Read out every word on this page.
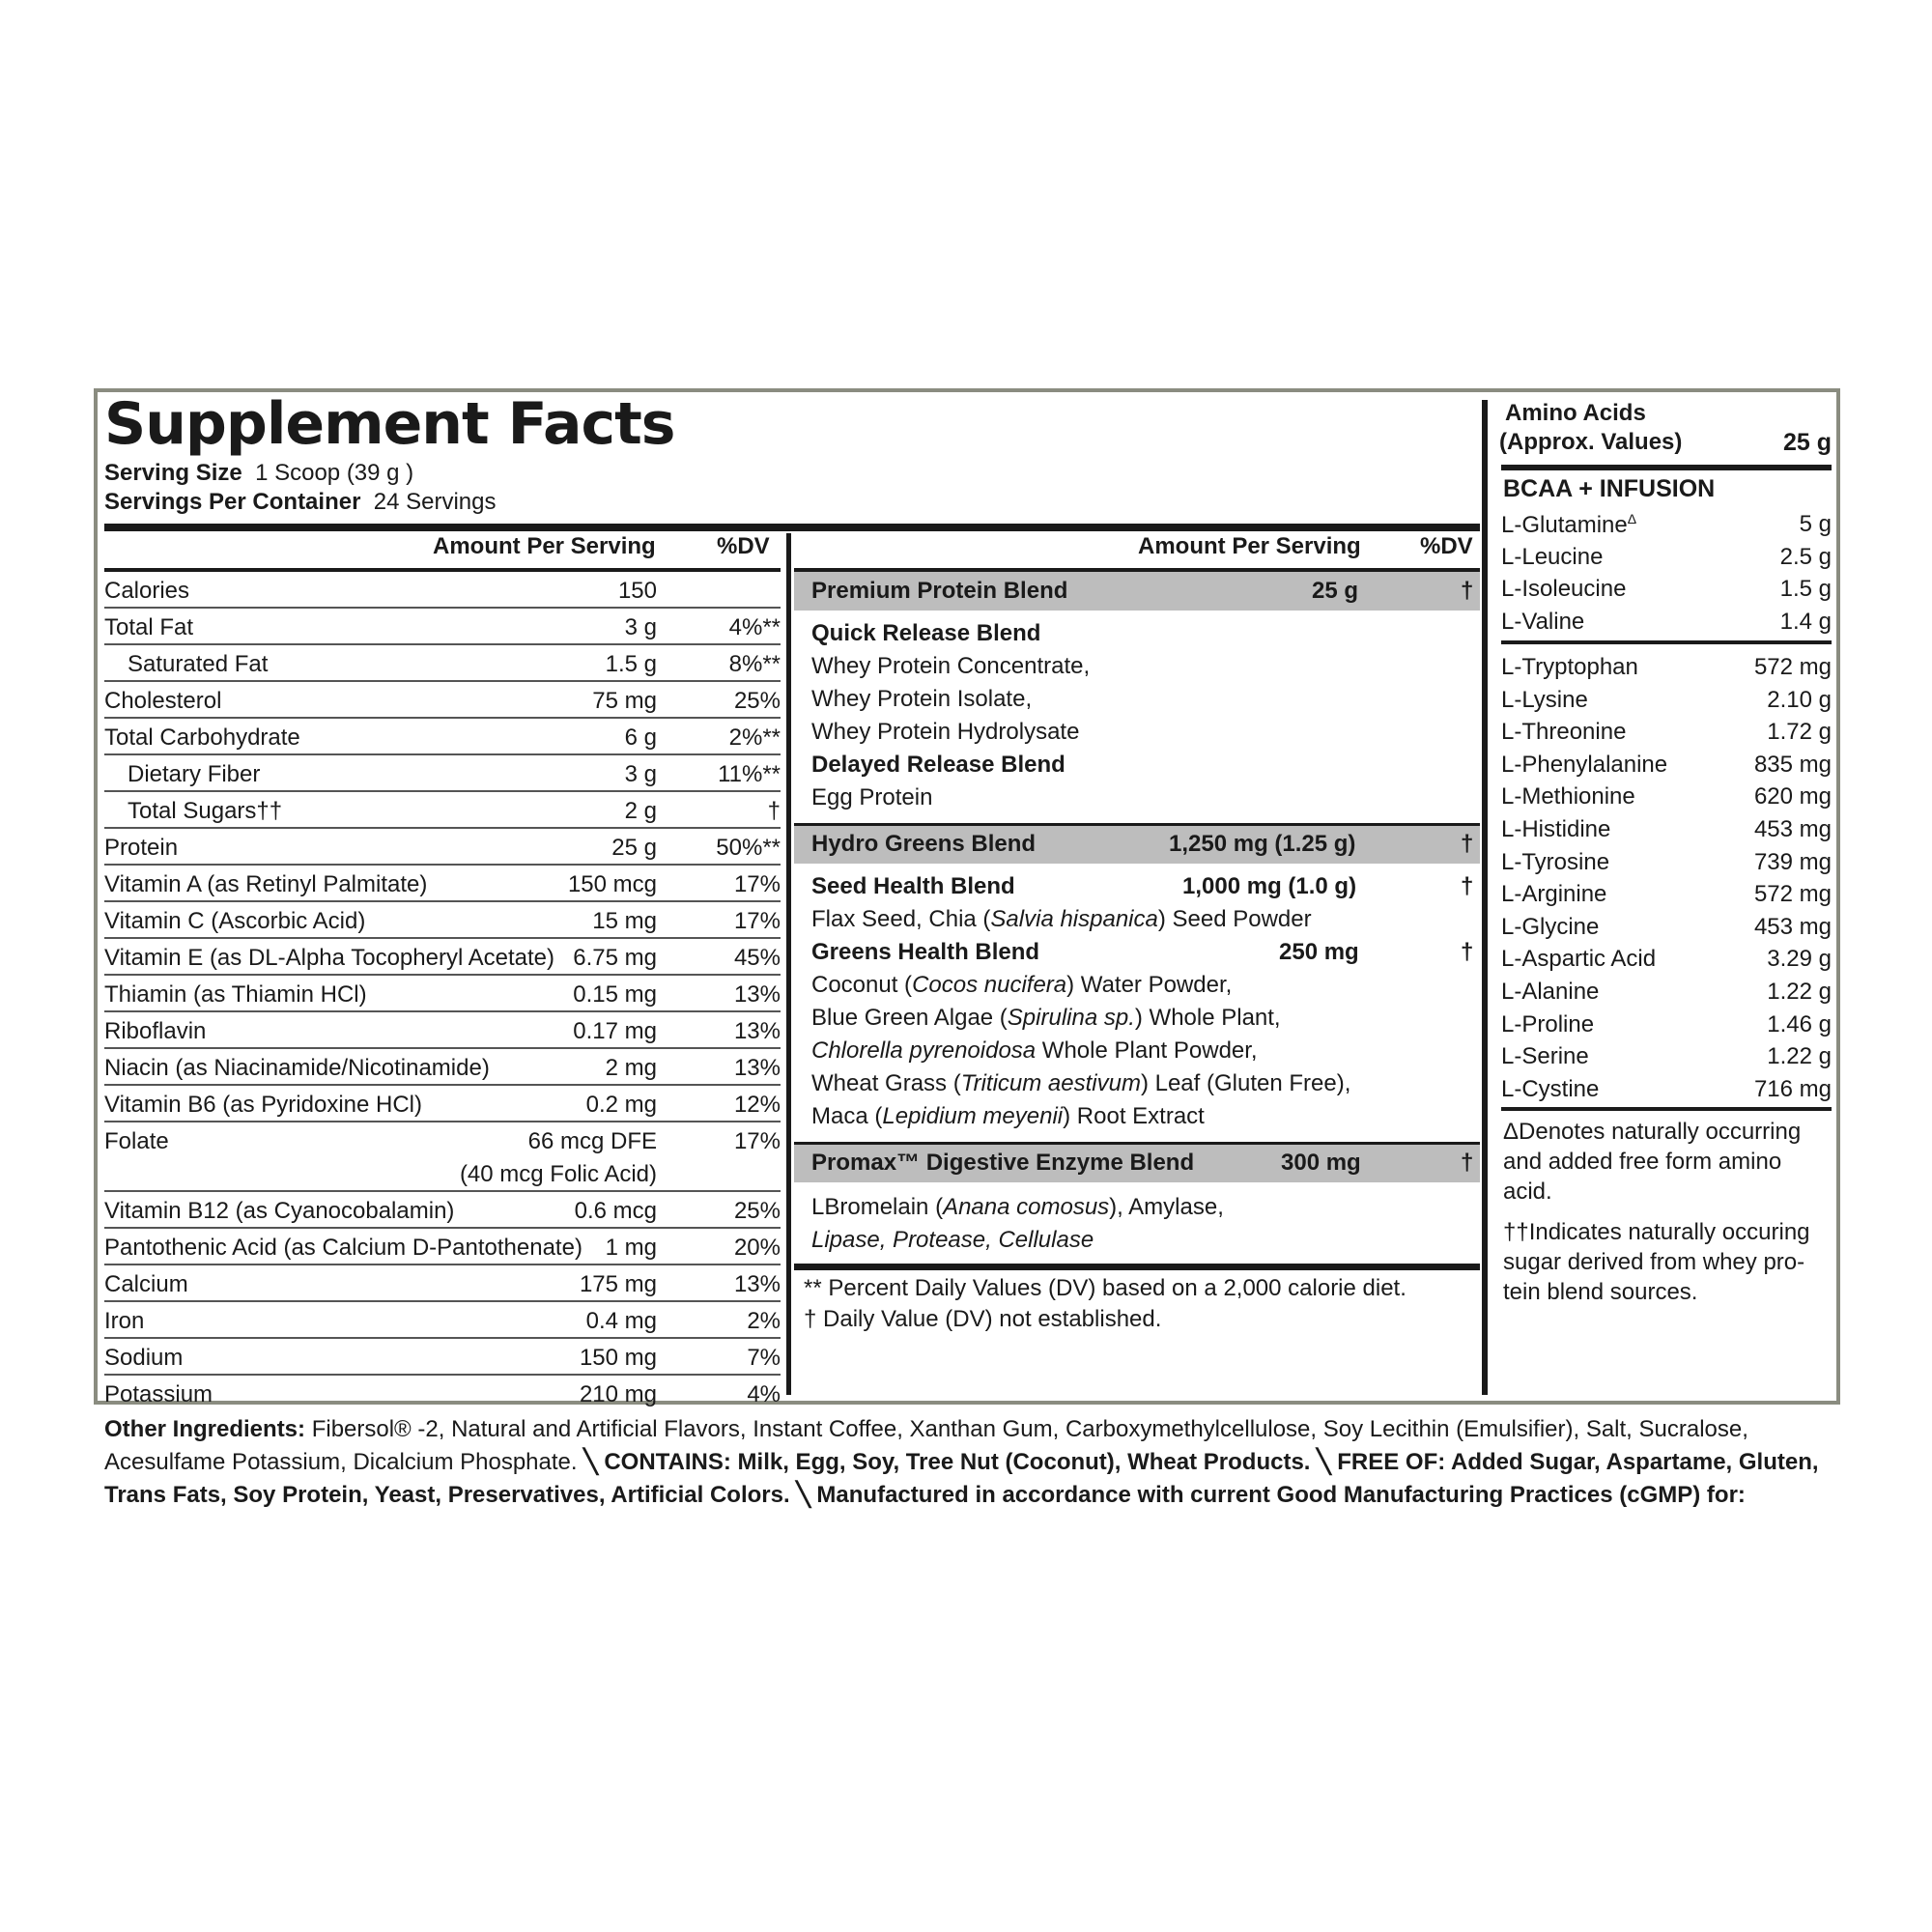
Supplement Facts
Serving Size 1 Scoop (39 g )
Servings Per Container 24 Servings
Amount Per Serving	%DV
Calories	150
Total Fat	3 g	4%**
Saturated Fat	1.5 g	8%**
Cholesterol	75 mg	25%
Total Carbohydrate	6 g	2%**
Dietary Fiber	3 g	11%**
Total Sugars††	2 g	†
Protein	25 g	50%**
Vitamin A (as Retinyl Palmitate)	150 mcg	17%
Vitamin C (Ascorbic Acid)	15 mg	17%
Vitamin E (as DL-Alpha Tocopheryl Acetate) 6.75 mg	45%
Thiamin (as Thiamin HCl)	0.15 mg	13%
Riboflavin	0.17 mg	13%
Niacin (as Niacinamide/Nicotinamide)	2 mg	13%
Vitamin B6 (as Pyridoxine HCl)	0.2 mg	12%
Folate	66 mcg DFE	17%
(40 mcg Folic Acid)
Vitamin B12 (as Cyanocobalamin)	0.6 mcg	25%
Pantothenic Acid (as Calcium D-Pantothenate) 1 mg	20%
Calcium	175 mg	13%
Iron	0.4 mg	2%
Sodium	150 mg	7%
Potassium	210 mg	4%
Amount Per Serving	%DV
Premium Protein Blend	25 g	†
Quick Release Blend
Whey Protein Concentrate,
Whey Protein Isolate,
Whey Protein Hydrolysate
Delayed Release Blend
Egg Protein
Hydro Greens Blend	1,250 mg (1.25 g)	†
Seed Health Blend	1,000 mg (1.0 g)	†
Flax Seed, Chia (Salvia hispanica) Seed Powder
Greens Health Blend	250 mg	†
Coconut (Cocos nucifera) Water Powder,
Blue Green Algae (Spirulina sp.) Whole Plant,
Chlorella pyrenoidosa Whole Plant Powder,
Wheat Grass (Triticum aestivum) Leaf (Gluten Free),
Maca (Lepidium meyenii) Root Extract
Promax™ Digestive Enzyme Blend	300 mg	†
LBromelain (Anana comosus), Amylase,
Lipase, Protease, Cellulase
** Percent Daily Values (DV) based on a 2,000 calorie diet.
† Daily Value (DV) not established.
Amino Acids
(Approx. Values)	25 g
BCAA + INFUSION
L-Glutamine$^\Delta$	5 g
L-Leucine	2.5 g
L-Isoleucine	1.5 g
L-Valine	1.4 g
L-Tryptophan	572 mg
L-Lysine	2.10 g
L-Threonine	1.72 g
L-Phenylalanine	835 mg
L-Methionine	620 mg
L-Histidine	453 mg
L-Tyrosine	739 mg
L-Arginine	572 mg
L-Glycine	453 mg
L-Aspartic Acid	3.29 g
L-Alanine	1.22 g
L-Proline	1.46 g
L-Serine	1.22 g
L-Cystine	716 mg
ΔDenotes naturally occurring
and added free form amino
acid.
††Indicates naturally occuring
sugar derived from whey pro-
tein blend sources.
Other Ingredients: Fibersol® -2, Natural and Artificial Flavors, Instant Coffee, Xanthan Gum, Carboxymethylcellulose, Soy Lecithin (Emulsifier), Salt, Sucralose, Acesulfame Potassium, Dicalcium Phosphate. ╲ CONTAINS: Milk, Egg, Soy, Tree Nut (Coconut), Wheat Products. ╲ FREE OF: Added Sugar, Aspartame, Gluten, Trans Fats, Soy Protein, Yeast, Preservatives, Artificial Colors. ╲ Manufactured in accordance with current Good Manufacturing Practices (cGMP) for:
